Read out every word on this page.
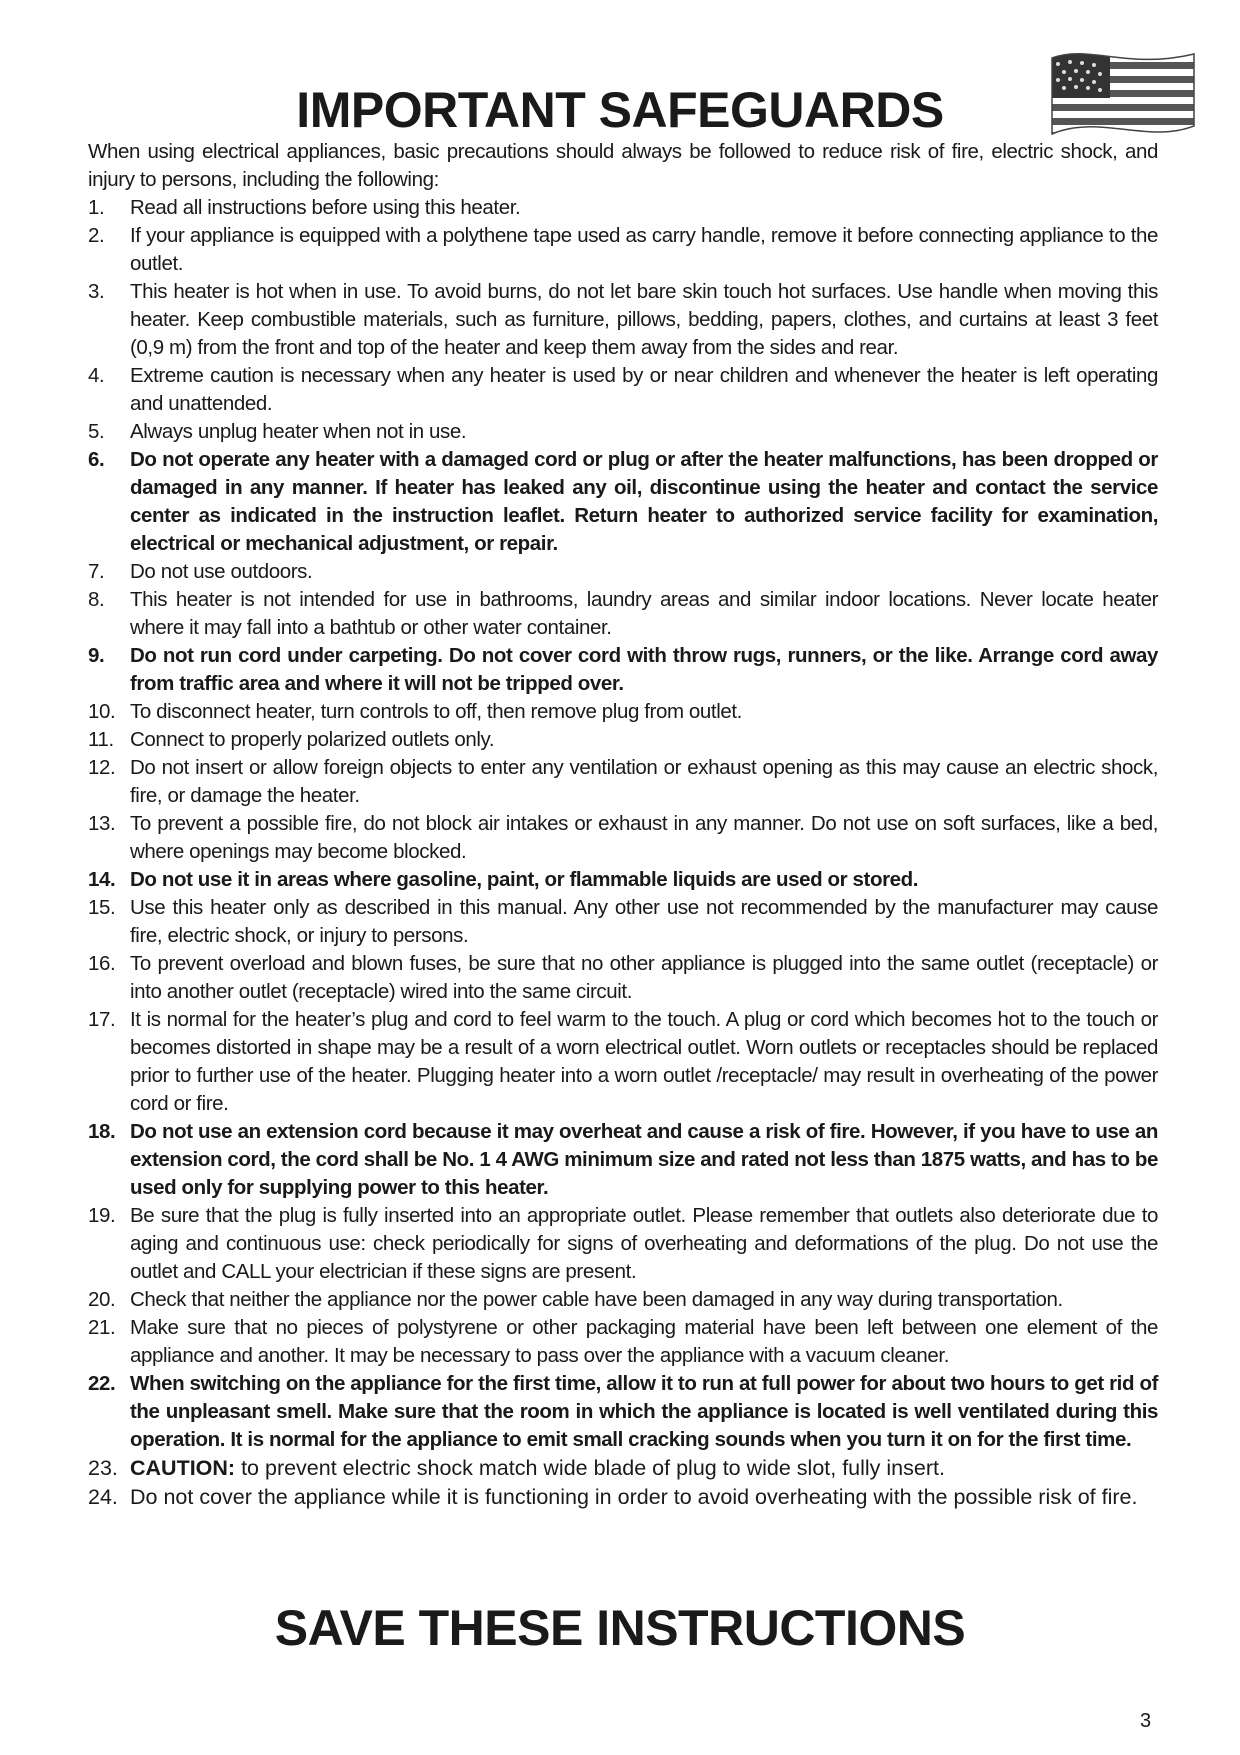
IMPORTANT SAFEGUARDS

When using electrical appliances, basic precautions should always be followed to reduce risk of fire, electric shock, and injury to persons, including the following:

1.	Read all instructions before using this heater.
2.	If your appliance is equipped with a polythene tape used as carry handle, remove it before connecting appliance to the outlet.
3.	This heater is hot when in use. To avoid burns, do not let bare skin touch hot surfaces. Use handle when moving this heater. Keep combustible materials, such as furniture, pillows, bedding, papers, clothes, and curtains at least 3 feet (0,9 m) from the front and top of the heater and keep them away from the sides and rear.
4.	Extreme caution is necessary when any heater is used by or near children and whenever the heater is left operating and unattended.
5.	Always unplug heater when not in use.
6.	Do not operate any heater with a damaged cord or plug or after the heater malfunctions, has been dropped or damaged in any manner. If heater has leaked any oil, discontinue using the heater and contact the service center as indicated in the instruction leaflet. Return heater to authorized service facility for examination, electrical or mechanical adjustment, or repair.
7.	Do not use outdoors.
8.	This heater is not intended for use in bathrooms, laundry areas and similar indoor locations. Never locate heater where it may fall into a bathtub or other water container.
9.	Do not run cord under carpeting. Do not cover cord with throw rugs, runners, or the like. Arrange cord away from traffic area and where it will not be tripped over.
10. To disconnect heater, turn controls to off, then remove plug from outlet.
11. Connect to properly polarized outlets only.
12. Do not insert or allow foreign objects to enter any ventilation or exhaust opening as this may cause an electric shock, fire, or damage the heater.
13. To prevent a possible fire, do not block air intakes or exhaust in any manner. Do not use on soft surfaces, like a bed, where openings may become blocked.
14. Do not use it in areas where gasoline, paint, or flammable liquids are used or stored.
15. Use this heater only as described in this manual. Any other use not recommended by the manufacturer may cause fire, electric shock, or injury to persons.
16. To prevent overload and blown fuses, be sure that no other appliance is plugged into the same outlet (receptacle) or into another outlet (receptacle) wired into the same circuit.
17. It is normal for the heater’s plug and cord to feel warm to the touch. A plug or cord which becomes hot to the touch or becomes distorted in shape may be a result of a worn electrical outlet. Worn outlets or receptacles should be replaced prior to further use of the heater. Plugging heater into a worn outlet /receptacle/ may result in overheating of the power cord or fire.
18. Do not use an extension cord because it may overheat and cause a risk of fire. However, if you have to use an extension cord, the cord shall be No. 1 4 AWG minimum size and rated not less than 1875 watts, and has to be used only for supplying power to this heater.
19. Be sure that the plug is fully inserted into an appropriate outlet. Please remember that outlets also deteriorate due to aging and continuous use: check periodically for signs of overheating and deformations of the plug. Do not use the outlet and CALL your electrician if these signs are present.
20. Check that neither the appliance nor the power cable have been damaged in any way during transportation.
21. Make sure that no pieces of polystyrene or other packaging material have been left between one element of the appliance and another. It may be necessary to pass over the appliance with a vacuum cleaner.
22. When switching on the appliance for the first time, allow it to run at full power for about two hours to get rid of the unpleasant smell. Make sure that the room in which the appliance is located is well ventilated during this operation. It is normal for the appliance to emit small cracking sounds when you turn it on for the first time.
23. CAUTION: to prevent electric shock match wide blade of plug to wide slot, fully insert.
24. Do not cover the appliance while it is functioning in order to avoid overheating with the possible risk of fire.
SAVE THESE INSTRUCTIONS
3
